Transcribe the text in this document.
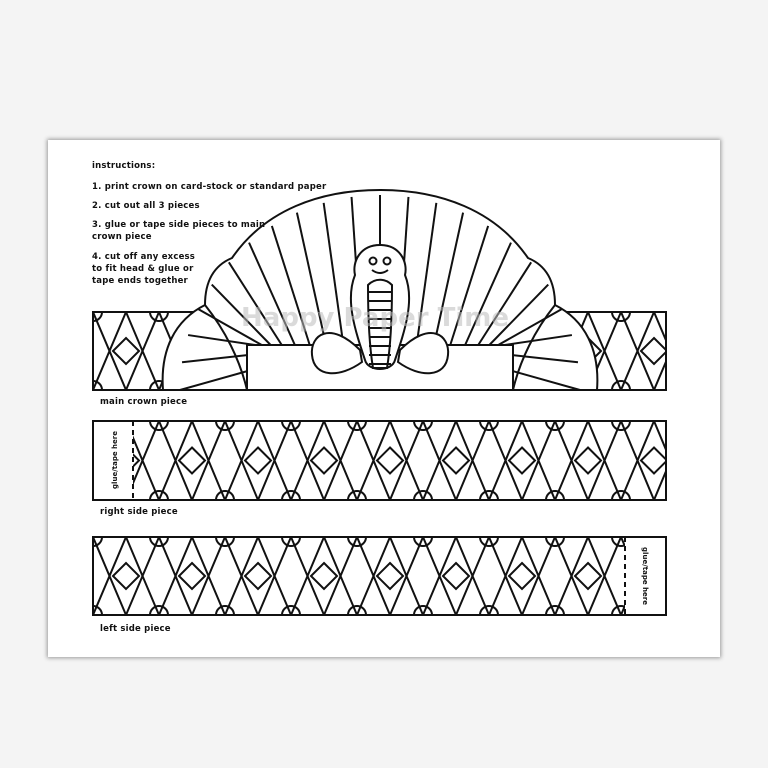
Happy Paper Time
instructions:
1. print crown on card-stock or standard paper
2. cut out all 3 pieces
3. glue or tape side pieces to main crown piece
4. cut off any excess to fit head & glue or tape ends together
main crown piece
right side piece
left side piece
glue/tape here
glue/tape here
